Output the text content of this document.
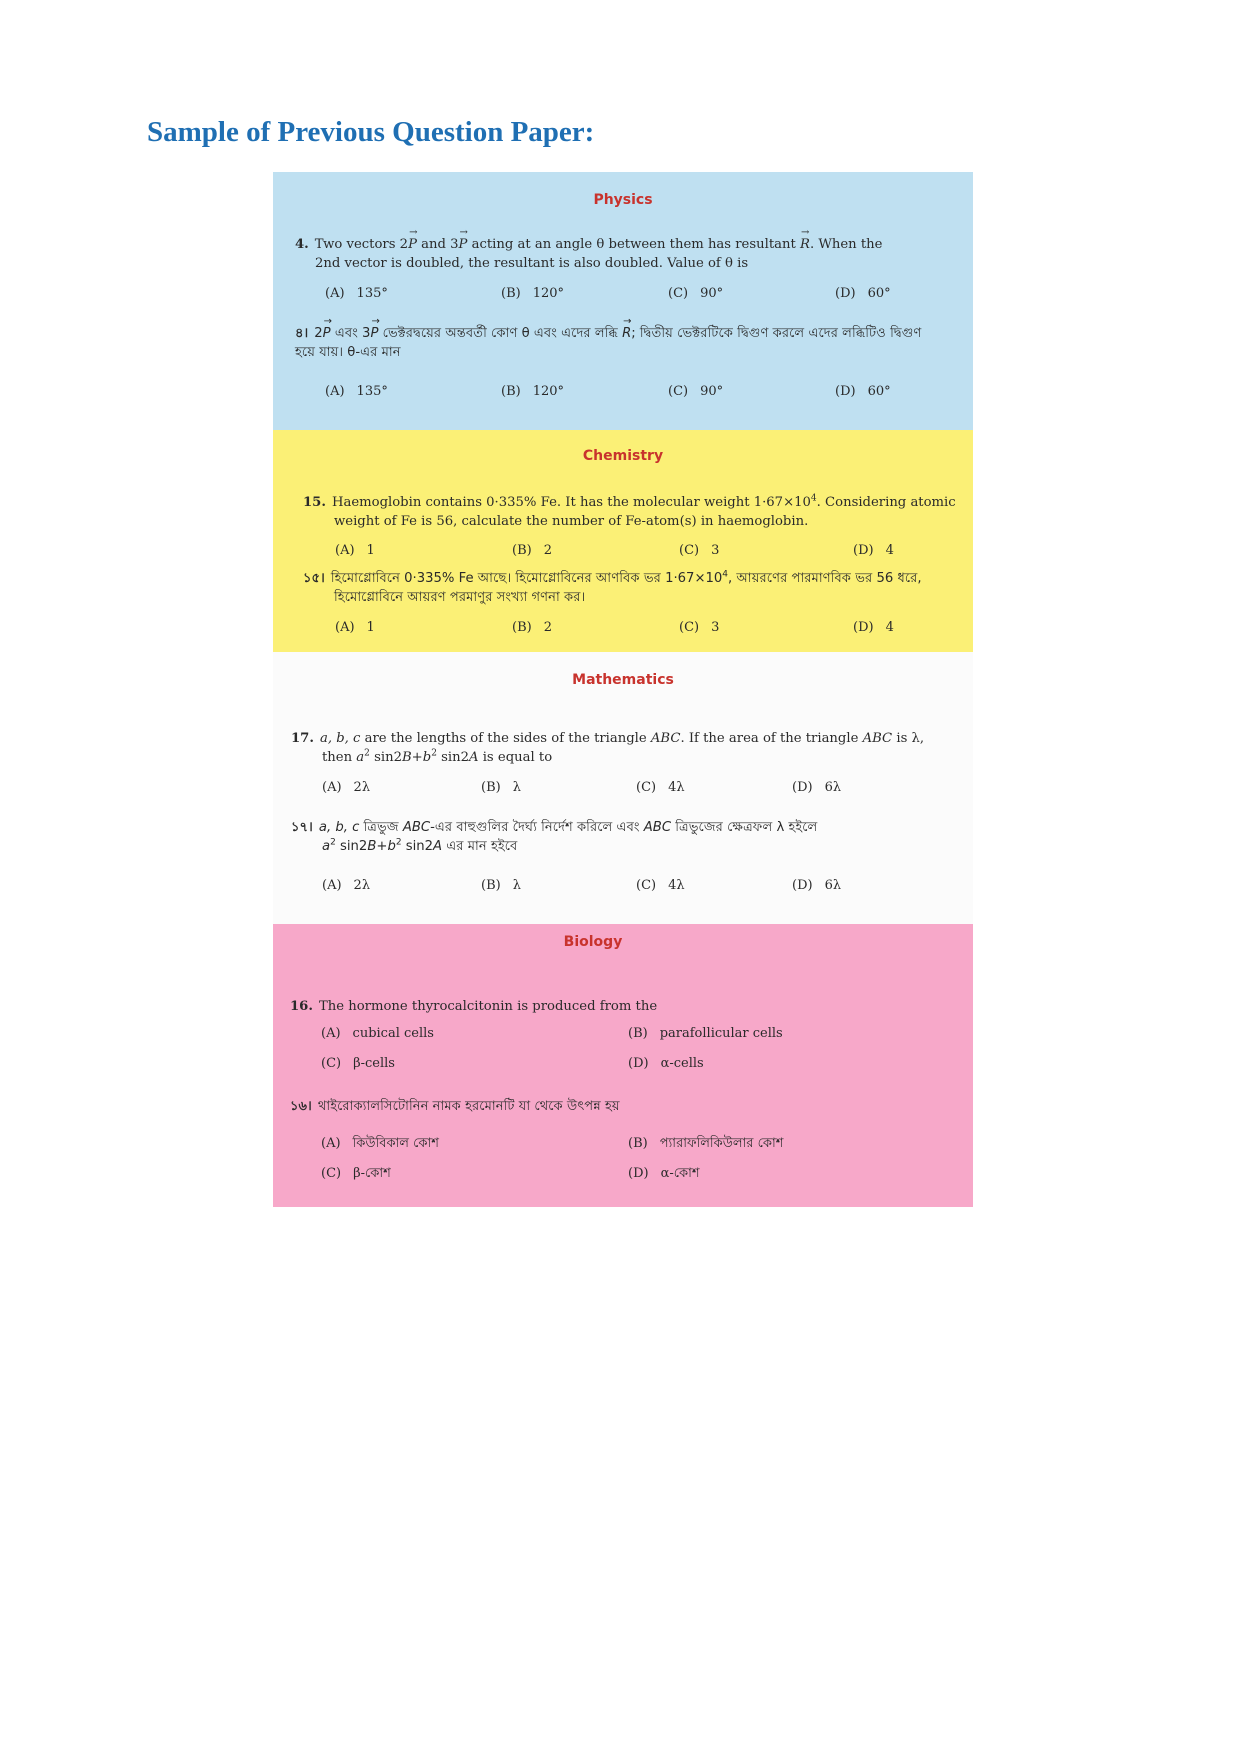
Sample of Previous Question Paper:
Physics
4. Two vectors 2→ P and 3→ P acting at an angle θ between them has resultant → R. When the
2nd vector is doubled, the resultant is also doubled. Value of θ is
(A) 135°	(B) 120°	(C) 90°	(D) 60°
৪। 2→ P এবং 3→ P ভেক্টরদ্বয়ের অন্তবর্তী কোণ θ এবং এদের লব্ধি → R; দ্বিতীয় ভেক্টরটিকে দ্বিগুণ করলে এদের লব্ধিটিও দ্বিগুণ
হয়ে যায়। θ-এর মান
(A) 135°	(B) 120°	(C) 90°	(D) 60°
Chemistry
15. Haemoglobin contains 0·335% Fe. It has the molecular weight $1\cdot 67\times 10^4$. Considering atomic
weight of Fe is 56, calculate the number of Fe-atom(s) in haemoglobin.
(A) 1	(B) 2	(C) 3	(D) 4
১৫। হিমোগ্লোবিনে 0·335% Fe আছে। হিমোগ্লোবিনের আণবিক ভর $1\cdot 67\times 10^4$, আয়রণের পারমাণবিক ভর 56 ধরে,
হিমোগ্লোবিনে আয়রণ পরমাণুর সংখ্যা গণনা কর।
(A) 1	(B) 2	(C) 3	(D) 4
Mathematics
17. a, b, c are the lengths of the sides of the triangle ABC. If the area of the triangle ABC is λ,
then $a^2$ $\sin 2B+b^2$ sin2A is equal to
(A) 2λ	(B) λ	(C) 4λ	(D) 6λ
১৭। a, b, c ত্রিভুজ ABC-এর বাহুগুলির দৈর্ঘ্য নির্দেশ করিলে এবং ABC ত্রিভুজের ক্ষেত্রফল λ হইলে
$a^2$ $\sin 2B+b^2$ sin2A এর মান হইবে
(A) 2λ	(B) λ	(C) 4λ	(D) 6λ
Biology
16. The hormone thyrocalcitonin is produced from the
(A) cubical cells	(B) parafollicular cells
(C) β-cells	(D) α-cells
১৬। থাইরোক্যালসিটোনিন নামক হরমোনটি যা থেকে উৎপন্ন হয়
(A) কিউবিকাল কোশ	(B) প্যারাফলিকিউলার কোশ
(C) β-কোশ	(D) α-কোশ
